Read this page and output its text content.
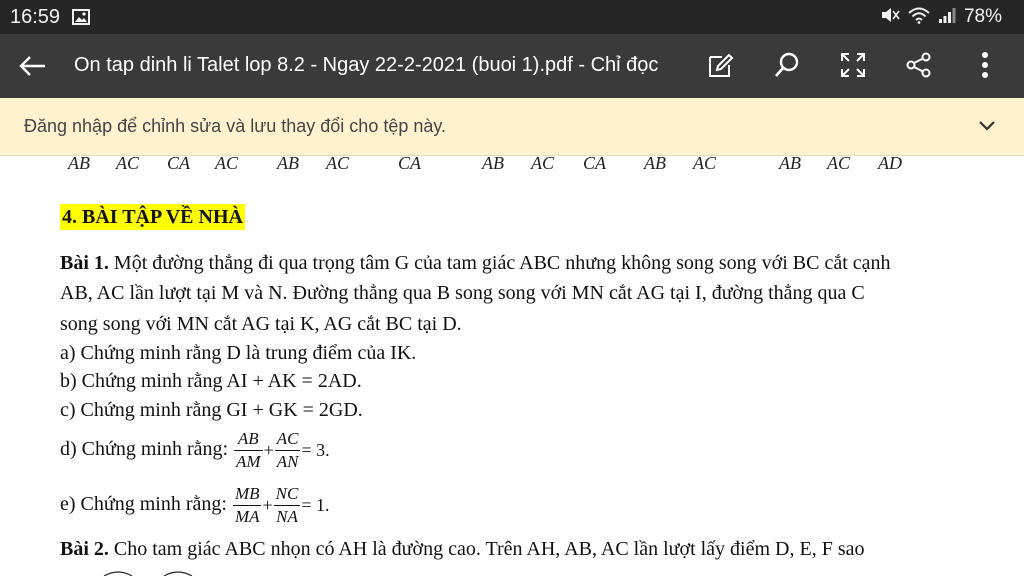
16:59	78%
On tap dinh li Talet lop 8.2 - Ngay 22-2-2021 (buoi 1).pdf - Chỉ đọc
Đăng nhập để chỉnh sửa và lưu thay đổi cho tệp này.
AB AC CA AC AB AC	CA	AB AC CA AB AC	AB AC AD
4. BÀI TẬP VỀ NHÀ
Bài 1. Một đường thẳng đi qua trọng tâm G của tam giác ABC nhưng không song song với BC cắt cạnh
AB, AC lần lượt tại M và N. Đường thẳng qua B song song với MN cắt AG tại I, đường thẳng qua C
song song với MN cắt AG tại K, AG cắt BC tại D.
a) Chứng minh rằng D là trung điểm của IK.
b) Chứng minh rằng AI + AK = 2AD.
c) Chứng minh rằng GI + GK = 2GD.
d) Chứng minh rằng: $\frac{AB}{AM} + \frac{AC}{AN} = 3$.
e) Chứng minh rằng: $\frac{MB}{MA} + \frac{NC}{NA} = 1$.
Bài 2. Cho tam giác ABC nhọn có AH là đường cao. Trên AH, AB, AC lần lượt lấy điểm D, E, F sao
